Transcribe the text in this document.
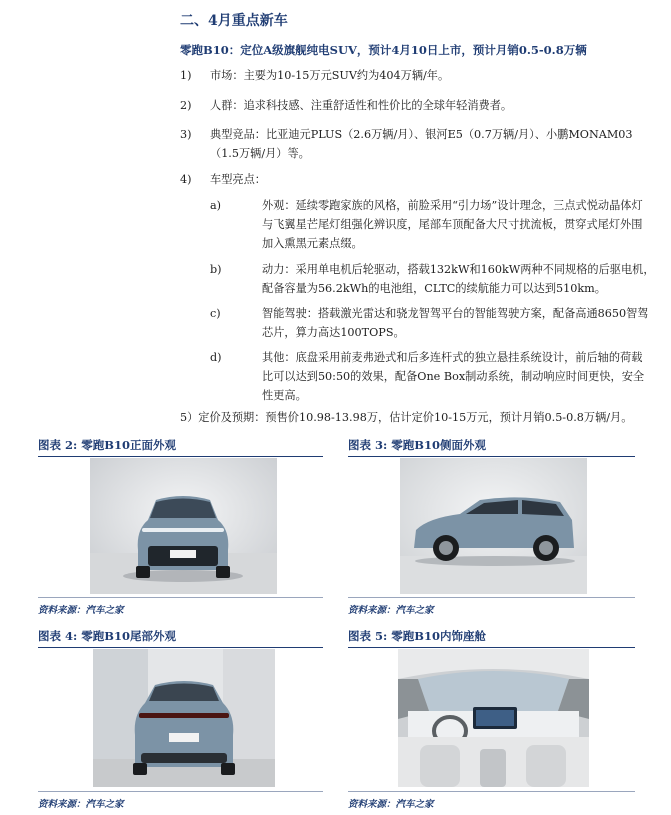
二、4月重点新车
零跑B10：定位A级旗舰纯电SUV，预计4月10日上市，预计月销0.5-0.8万辆
1) 市场：主要为10-15万元SUV约为404万辆/年。
2) 人群：追求科技感、注重舒适性和性价比的全球年轻消费者。
3) 典型竞品：比亚迪元PLUS（2.6万辆/月）、银河E5（0.7万辆/月）、小鹏MONAM03
（1.5万辆/月）等。
4) 车型亮点：
a)	外观：延续零跑家族的风格，前脸采用“引力场”设计理念，三点式悦动晶体灯
与飞翼星芒尾灯组强化辨识度，尾部车顶配备大尺寸扰流板，贯穿式尾灯外围
加入熏黑元素点缀。
b)	动力：采用单电机后轮驱动，搭载132kW和160kW两种不同规格的后驱电机，
配备容量为56.2kWh的电池组，CLTC的续航能力可以达到510km。
c)	智能驾驶：搭载激光雷达和骁龙智驾平台的智能驾驶方案，配备高通8650智驾
芯片，算力高达100TOPS。
d)	其他：底盘采用前麦弗逊式和后多连杆式的独立悬挂系统设计，前后轴的荷载
比可以达到50:50的效果，配备One Box制动系统，制动响应时间更快，安全
性更高。
5）定价及预期：预售价10.98-13.98万，估计定价10-15万元，预计月销0.5-0.8万辆/月。
图表 2: 零跑B10正面外观
资料来源：汽车之家
图表 3: 零跑B10侧面外观
资料来源：汽车之家
图表 4: 零跑B10尾部外观
资料来源：汽车之家
图表 5: 零跑B10内饰座舱
资料来源：汽车之家
